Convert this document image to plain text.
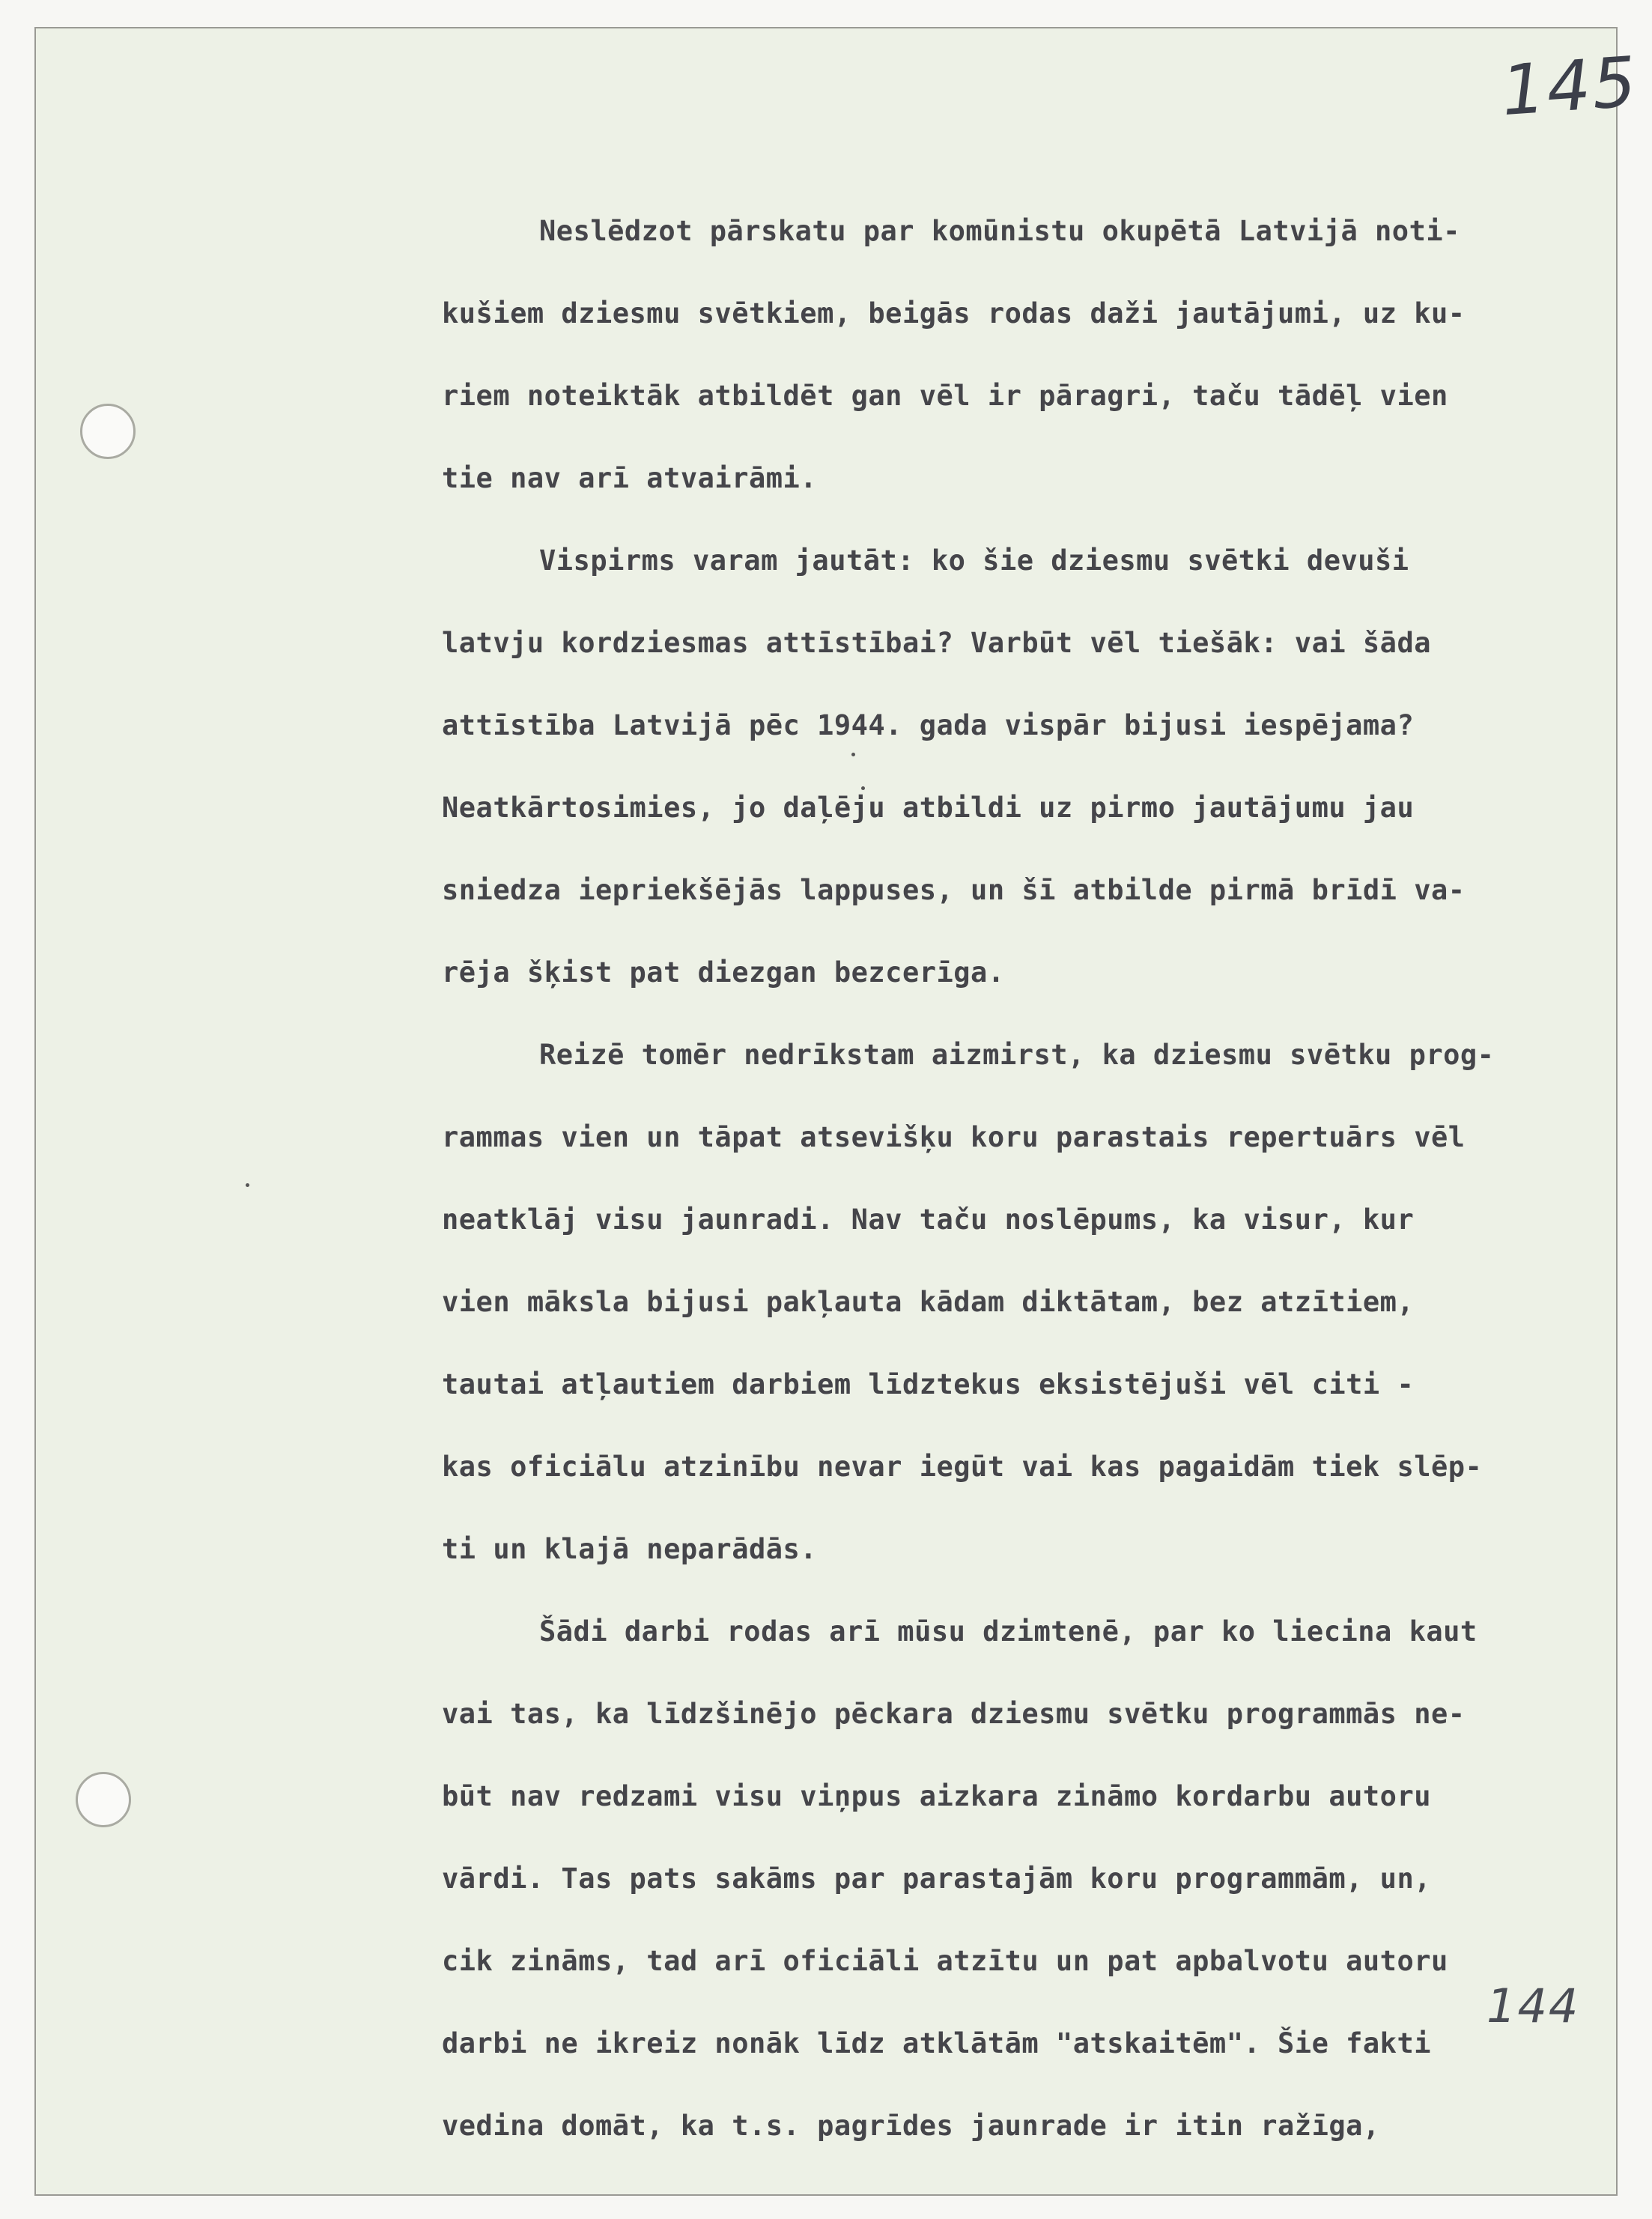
145
144
Neslēdzot pārskatu par komūnistu okupētā Latvijā noti-
kušiem dziesmu svētkiem, beigās rodas daži jautājumi, uz ku-
riem noteiktāk atbildēt gan vēl ir pāragri, taču tādēļ vien
tie nav arī atvairāmi.
Vispirms varam jautāt: ko šie dziesmu svētki devuši
latvju kordziesmas attīstībai? Varbūt vēl tiešāk: vai šāda
attīstība Latvijā pēc 1944. gada vispār bijusi iespējama?
Neatkārtosimies, jo daļēju atbildi uz pirmo jautājumu jau
sniedza iepriekšējās lappuses, un šī atbilde pirmā brīdī va-
rēja šķist pat diezgan bezcerīga.
Reizē tomēr nedrīkstam aizmirst, ka dziesmu svētku prog-
rammas vien un tāpat atsevišķu koru parastais repertuārs vēl
neatklāj visu jaunradi. Nav taču noslēpums, ka visur, kur
vien māksla bijusi pakļauta kādam diktātam, bez atzītiem,
tautai atļautiem darbiem līdztekus eksistējuši vēl citi -
kas oficiālu atzinību nevar iegūt vai kas pagaidām tiek slēp-
ti un klajā neparādās.
Šādi darbi rodas arī mūsu dzimtenē, par ko liecina kaut
vai tas, ka līdzšinējo pēckara dziesmu svētku programmās ne-
būt nav redzami visu viņpus aizkara zināmo kordarbu autoru
vārdi. Tas pats sakāms par parastajām koru programmām, un,
cik zināms, tad arī oficiāli atzītu un pat apbalvotu autoru
darbi ne ikreiz nonāk līdz atklātām "atskaitēm". Šie fakti
vedina domāt, ka t.s. pagrīdes jaunrade ir itin ražīga,
